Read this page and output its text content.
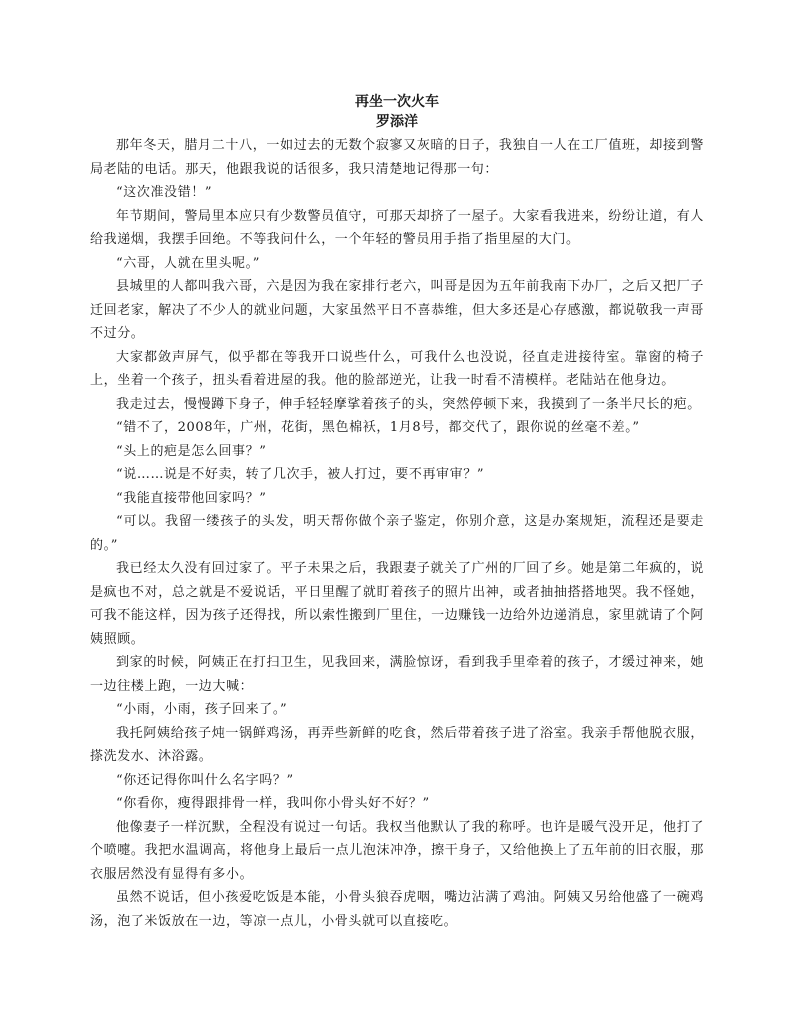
再坐一次火车
罗添洋

那年冬天，腊月二十八，一如过去的无数个寂寥又灰暗的日子，我独自一人在工厂值班，却接到警局老陆的电话。那天，他跟我说的话很多，我只清楚地记得那一句：

“这次准没错！”

年节期间，警局里本应只有少数警员值守，可那天却挤了一屋子。大家看我进来，纷纷让道，有人给我递烟，我摆手回绝。不等我问什么，一个年轻的警员用手指了指里屋的大门。

“六哥，人就在里头呢。”

县城里的人都叫我六哥，六是因为我在家排行老六，叫哥是因为五年前我南下办厂，之后又把厂子迁回老家，解决了不少人的就业问题，大家虽然平日不喜恭维，但大多还是心存感激，都说敬我一声哥不过分。

大家都敛声屏气，似乎都在等我开口说些什么，可我什么也没说，径直走进接待室。靠窗的椅子上，坐着一个孩子，扭头看着进屋的我。他的脸部逆光，让我一时看不清模样。老陆站在他身边。

我走过去，慢慢蹲下身子，伸手轻轻摩挲着孩子的头，突然停顿下来，我摸到了一条半尺长的疤。

“错不了，2008年，广州，花街，黑色棉袄，1月8号，都交代了，跟你说的丝毫不差。”

“头上的疤是怎么回事？”

“说……说是不好卖，转了几次手，被人打过，要不再审审？”

“我能直接带他回家吗？”

“可以。我留一缕孩子的头发，明天帮你做个亲子鉴定，你别介意，这是办案规矩，流程还是要走的。”

我已经太久没有回过家了。平子未果之后，我跟妻子就关了广州的厂回了乡。她是第二年疯的，说是疯也不对，总之就是不爱说话，平日里醒了就盯着孩子的照片出神，或者抽抽搭搭地哭。我不怪她，可我不能这样，因为孩子还得找，所以索性搬到厂里住，一边赚钱一边给外边递消息，家里就请了个阿姨照顾。

到家的时候，阿姨正在打扫卫生，见我回来，满脸惊讶，看到我手里牵着的孩子，才缓过神来，她一边往楼上跑，一边大喊：

“小雨，小雨，孩子回来了。”

我托阿姨给孩子炖一锅鲜鸡汤，再弄些新鲜的吃食，然后带着孩子进了浴室。我亲手帮他脱衣服，搽洗发水、沐浴露。

“你还记得你叫什么名字吗？”

“你看你，瘦得跟排骨一样，我叫你小骨头好不好？”

他像妻子一样沉默，全程没有说过一句话。我权当他默认了我的称呼。也许是暖气没开足，他打了个喷嚏。我把水温调高，将他身上最后一点儿泡沫冲净，擦干身子，又给他换上了五年前的旧衣服，那衣服居然没有显得有多小。

虽然不说话，但小孩爱吃饭是本能，小骨头狼吞虎咽，嘴边沾满了鸡油。阿姨又另给他盛了一碗鸡汤，泡了米饭放在一边，等凉一点儿，小骨头就可以直接吃。
